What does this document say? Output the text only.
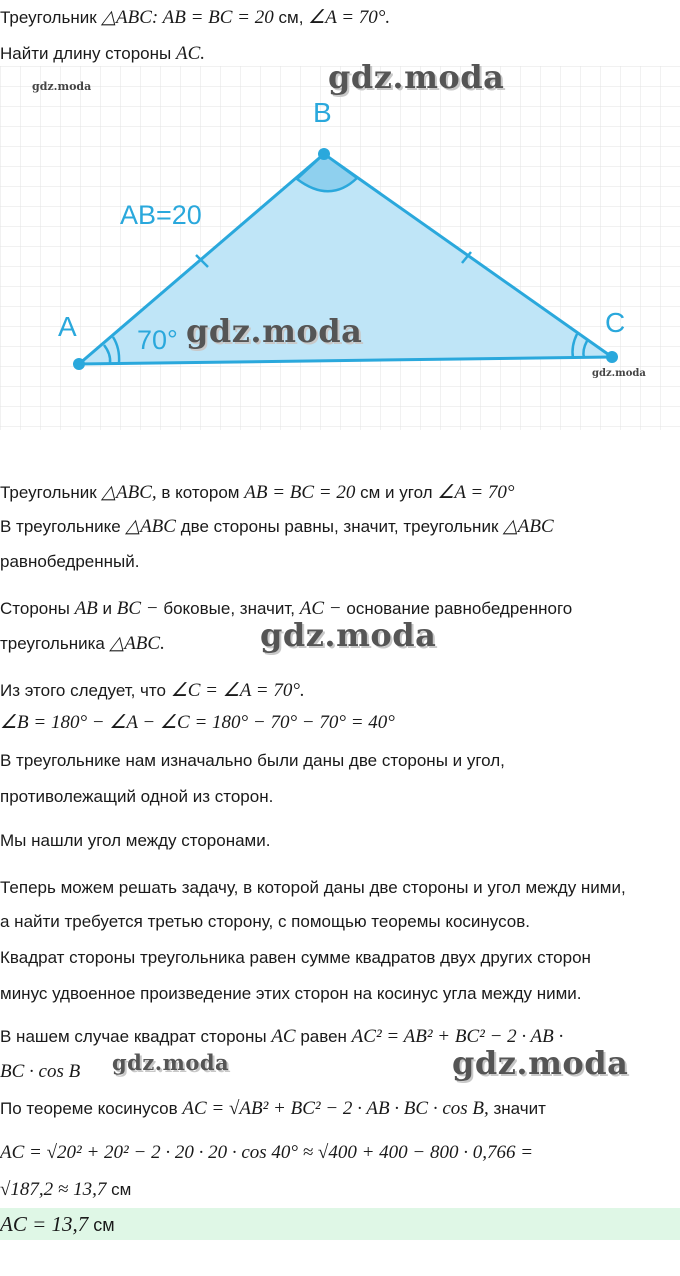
Треугольник △ABC: AB = BC = 20 см, ∠A = 70°.
Найти длину стороны AC.
A
B
C
AB=20
70°
gdz.moda
gdz.moda
gdz.moda
gdz.moda
gdz.moda
gdz.moda	gdz.moda
Треугольник △ABC, в котором AB = BC = 20 см и угол ∠A = 70°
В треугольнике △ABC две стороны равны, значит, треугольник △ABC
равнобедренный.
Стороны AB и BC − боковые, значит, AC − основание равнобедренного
треугольника △ABC.
Из этого следует, что ∠C = ∠A = 70°.
∠B = 180° − ∠A − ∠C = 180° − 70° − 70° = 40°
В треугольнике нам изначально были даны две стороны и угол,
противолежащий одной из сторон.
Мы нашли угол между сторонами.
Теперь можем решать задачу, в которой даны две стороны и угол между ними,
а найти требуется третью сторону, с помощью теоремы косинусов.
Квадрат стороны треугольника равен сумме квадратов двух других сторон
минус удвоенное произведение этих сторон на косинус угла между ними.
В нашем случае квадрат стороны AC равен AC² = AB² + BC² − 2 · AB ·
BC · cos B
По теореме косинусов AC = √AB² + BC² − 2 · AB · BC · cos B, значит
AC = √20² + 20² − 2 · 20 · 20 · cos 40° ≈ √400 + 400 − 800 · 0,766 =
√187,2 ≈ 13,7 см
AC = 13,7 см
